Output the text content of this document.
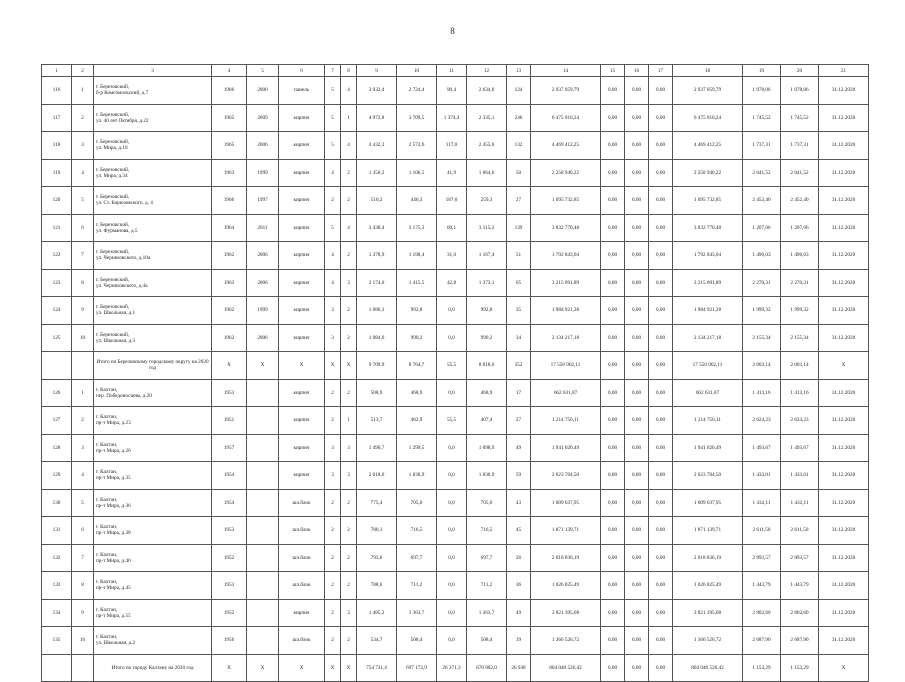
8
1	2	3	4	5	6	7	8	9	10	11	12	13	14	15	16	17	18	19	20	21
116	1	г. Березовский,
б-р Комсомольский, д.7	1966	2000	панель	5	4	3 032,4	2 724,4	90,4	2 634,0	124	2 937 059,79	0,00	0,00	0,00	2 937 059,79	1 078,06	1 078,06	31.12.2020
117	2	г. Березовский,
ул. 40 лет Октября, д.22	1965	2009	кирпич	5	1	4 972,8	3 709,5	1 374,4	2 335,1	246	6 475 016,24	0,00	0,00	0,00	6 475 016,24	1 745,52	1 745,52	31.12.2020
118	3	г. Березовский,
ул. Мира, д.10	1965	2006	кирпич	5	4	3 432,3	2 572,6	117,0	2 455,6	132	4 469 412,25	0,00	0,00	0,00	4 469 412,25	1 737,31	1 737,31	31.12.2020
119	4	г. Березовский,
ул. Мира, д.34	1963	1999	кирпич	4	2	1 350,2	1 106,5	41,9	1 064,6	50	2 258 940,22	0,00	0,00	0,00	2 258 940,22	2 041,52	2 041,52	31.12.2020
120	5	г. Березовский,
ул. Ст. Бирюзовского, д. 4	1966	1997	кирпич	2	2	510,2	446,3	187,0	259,3	27	1 095 732,85	0,00	0,00	0,00	1 095 732,85	2 452,40	2 452,40	31.12.2020
121	6	г. Березовский,
ул. Фурманова, д.5	1964	2011	кирпич	5	4	3 438,4	3 175,3	60,1	3 115,2	139	3 832 770,48	0,00	0,00	0,00	3 832 770,48	1 207,06	1 207,06	31.12.2020
122	7	г. Березовский,
ул. Черняховского, д.10а	1962	2006	кирпич	4	2	1 378,9	1 198,4	31,0	1 167,4	51	1 792 843,04	0,00	0,00	0,00	1 792 843,04	1 496,03	1 496,03	31.12.2020
123	8	г. Березовский,
ул. Черняховского, д.4а	1963	2006	кирпич	4	3	2 174,0	1 415,5	42,8	1 373,1	65	3 215 091,89	0,00	0,00	0,00	3 215 091,89	2 270,31	2 270,31	31.12.2020
124	9	г. Березовский,
ул. Школьная, д.1	1962	1999	кирпич	3	2	1 086,3	992,8	0,0	992,8	35	1 984 921,28	0,00	0,00	0,00	1 984 921,28	1 999,32	1 999,32	31.12.2020
125	10	г. Березовский,
ул. Школьная, д.3	1962	2006	кирпич	3	2	1 084,0	990,2	0,0	990,2	34	2 134 217,18	0,00	0,00	0,00	2 134 217,18	2 155,34	2 155,34	31.12.2020
		Итого по Березовскому городскому округу на 2020 год	X	X	X	X	X	9 709,9	8 764,7	55,5	8 818,6	352	17 550 962,11	0,00	0,00	0,00	17 550 962,11	2 003,14	2 003,14	X
126	1	г. Калтан,
пер. Победоносцева, д.20	1953		кирпич	2	2	508,9	468,9	0,0	468,9	17	662 631,87	0,00	0,00	0,00	662 631,87	1 413,16	1 413,16	31.12.2020
127	2	г. Калтан,
пр-т Мира, д.23	1951		кирпич	2	1	513,7	462,9	55,5	407,4	27	1 214 756,11	0,00	0,00	0,00	1 214 756,11	2 624,23	2 624,23	31.12.2020
128	3	г. Калтан,
пр-т Мира, д.26	1957		кирпич	3	3	1 490,7	1 299,5	0,0	1 098,9	49	1 941 020,49	0,00	0,00	0,00	1 941 020,49	1 493,67	1 493,67	31.12.2020
129	4	г. Калтан,
пр-т Мира, д.35	1954		кирпич	3	3	2 018,0	1 830,9	0,0	1 830,9	59	2 623 704,50	0,00	0,00	0,00	2 623 704,50	1 433,01	1 433,01	31.12.2020
130	5	г. Калтан,
пр-т Мира, д.36	1954		шл.блок	2	2	775,4	705,0	0,0	705,0	43	1 009 637,95	0,00	0,00	0,00	1 009 637,95	1 432,11	1 432,11	31.12.2020
131	6	г. Калтан,
пр-т Мира, д.38	1953		шл.блок	2	2	780,1	716,5	0,0	716,5	45	1 871 139,71	0,00	0,00	0,00	1 871 139,71	2 611,50	2 611,50	31.12.2020
132	7	г. Калтан,
пр-т Мира, д.40	1952		шл.блок	2	2	793,6	697,7	0,0	697,7	26	2 018 836,19	0,00	0,00	0,00	2 018 836,19	2 893,57	2 893,57	31.12.2020
133	8	г. Калтан,
пр-т Мира, д.45	1953		шл.блок	2	2	788,6	711,2	0,0	711,2	36	1 026 825,49	0,00	0,00	0,00	1 026 825,49	1 443,79	1 443,79	31.12.2020
134	9	г. Калтан,
пр-т Мира, д.55	1952		кирпич	2	3	1 485,2	1 363,7	0,0	1 363,7	49	3 821 395,08	0,00	0,00	0,00	3 821 395,08	2 802,60	2 802,60	31.12.2020
135	10	г. Калтан,
ул. Школьная, д.2	1956		шл.блок	2	2	534,7	508,4	0,0	508,4	19	1 366 526,72	0,00	0,00	0,00	1 366 526,72	2 687,90	2 687,90	31.12.2020
		Итого по городу Калтану на 2020 год	X	X	X	X	X	754 731,4	697 172,9	26 371,3	670 802,0	26 938	804 040 526,42	0,00	0,00	0,00	804 040 526,42	1 153,29	1 153,29	X
